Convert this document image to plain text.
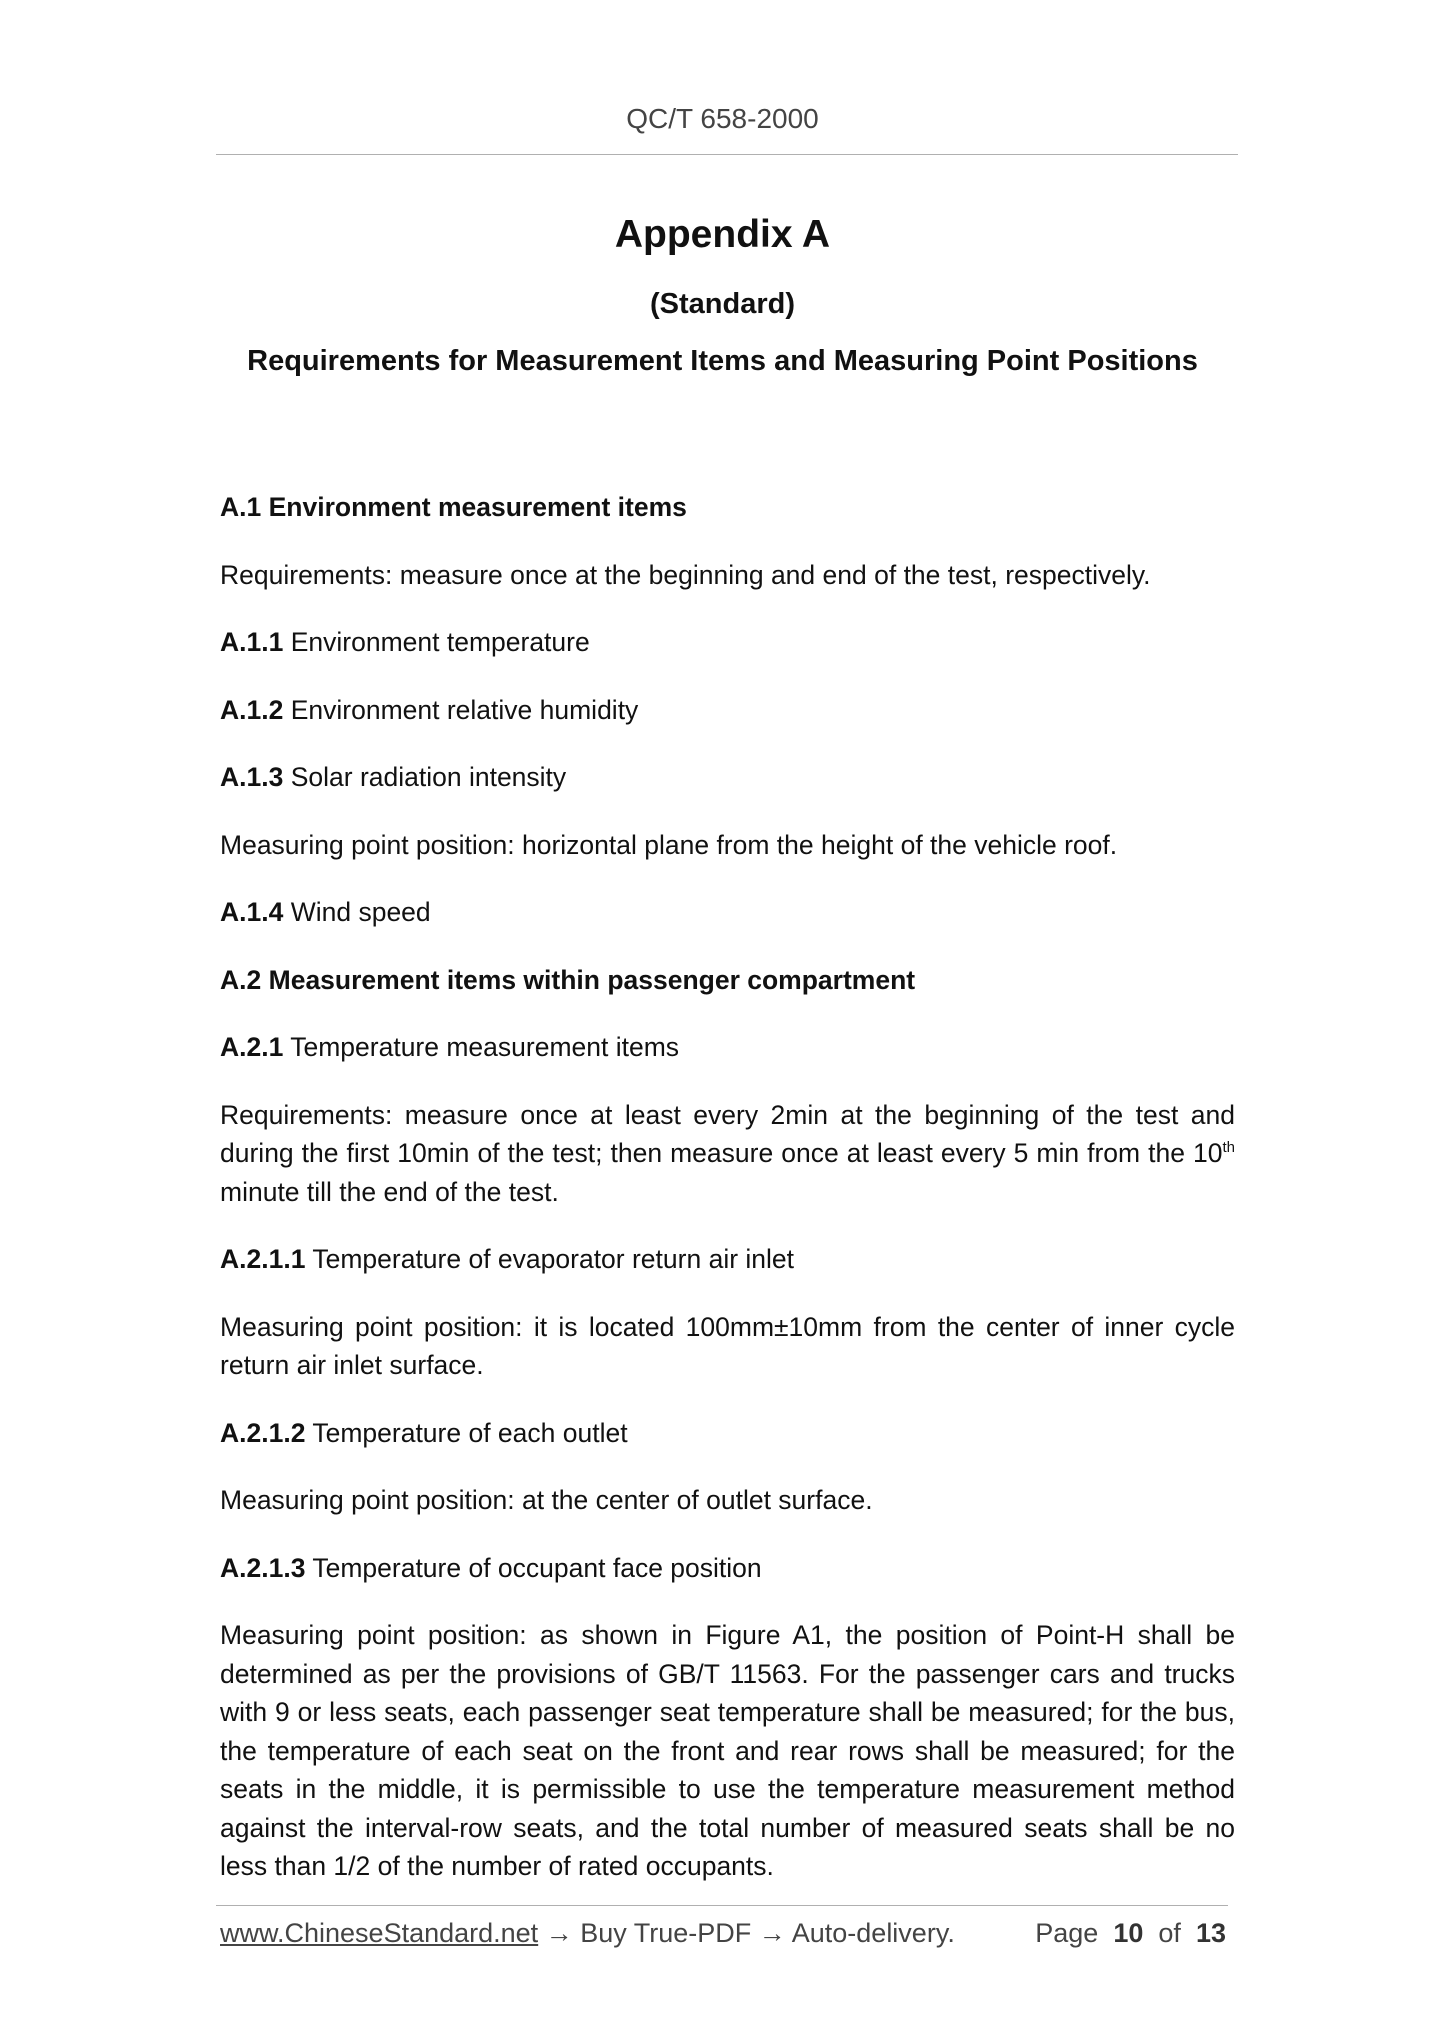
QC/T 658-2000
Appendix A
(Standard)
Requirements for Measurement Items and Measuring Point Positions

A.1 Environment measurement items

Requirements: measure once at the beginning and end of the test, respectively.

A.1.1 Environment temperature

A.1.2 Environment relative humidity

A.1.3 Solar radiation intensity

Measuring point position: horizontal plane from the height of the vehicle roof.

A.1.4 Wind speed

A.2 Measurement items within passenger compartment

A.2.1 Temperature measurement items

Requirements: measure once at least every 2min at the beginning of the test and during the first 10min of the test; then measure once at least every 5 min from the 10th minute till the end of the test.

A.2.1.1 Temperature of evaporator return air inlet

Measuring point position: it is located 100mm±10mm from the center of inner cycle return air inlet surface.

A.2.1.2 Temperature of each outlet

Measuring point position: at the center of outlet surface.

A.2.1.3 Temperature of occupant face position

Measuring point position: as shown in Figure A1, the position of Point-H shall be determined as per the provisions of GB/T 11563. For the passenger cars and trucks with 9 or less seats, each passenger seat temperature shall be measured; for the bus, the temperature of each seat on the front and rear rows shall be measured; for the seats in the middle, it is permissible to use the temperature measurement method against the interval-row seats, and the total number of measured seats shall be no less than 1/2 of the number of rated occupants.

www.ChineseStandard.net → Buy True-PDF → Auto-delivery.	Page 10 of 13
